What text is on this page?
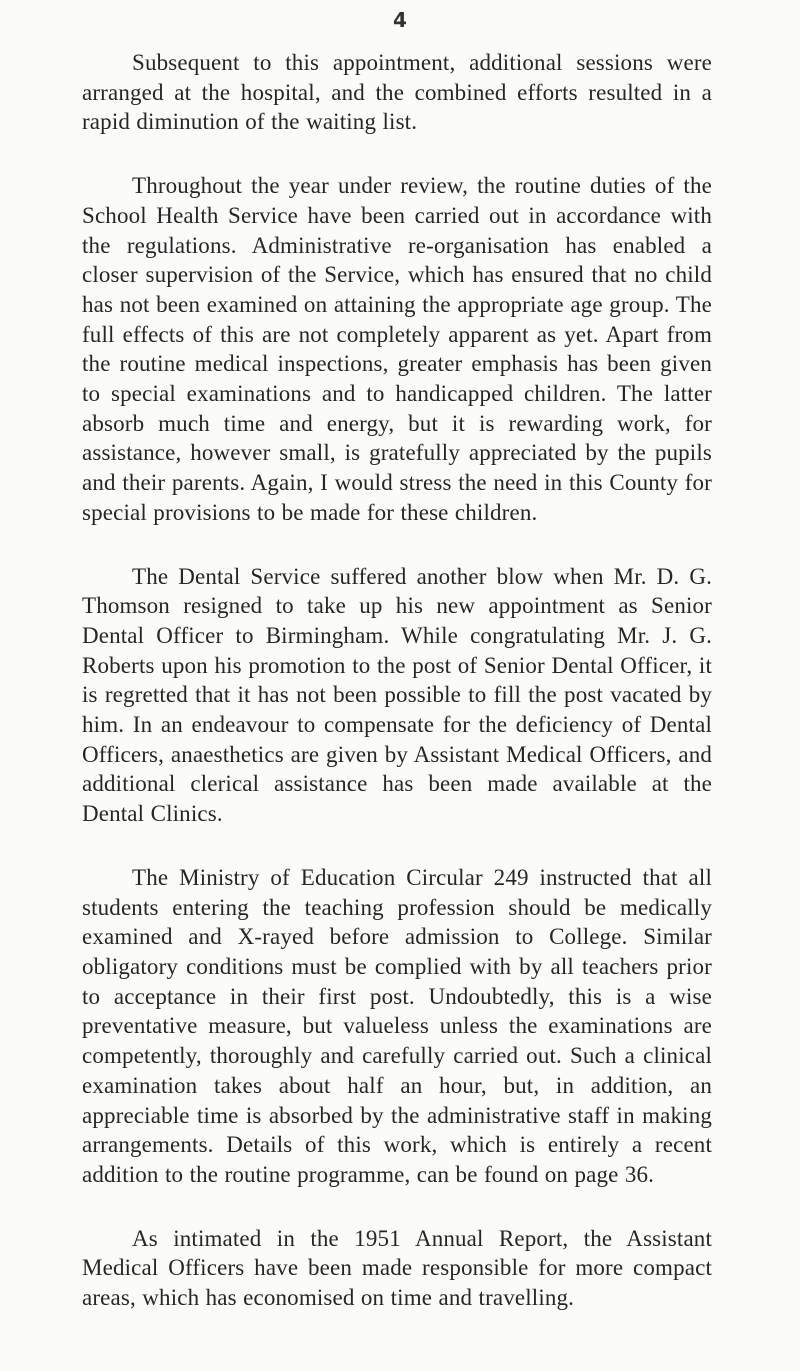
4

Subsequent to this appointment, additional sessions were arranged at the hospital, and the combined efforts resulted in a rapid diminution of the waiting list.

Throughout the year under review, the routine duties of the School Health Service have been carried out in accordance with the regulations. Administrative re-organisation has enabled a closer supervision of the Service, which has ensured that no child has not been examined on attaining the appropriate age group. The full effects of this are not completely apparent as yet. Apart from the routine medical inspections, greater emphasis has been given to special examinations and to handicapped children. The latter absorb much time and energy, but it is rewarding work, for assistance, however small, is gratefully appreciated by the pupils and their parents. Again, I would stress the need in this County for special provisions to be made for these children.

The Dental Service suffered another blow when Mr. D. G. Thomson resigned to take up his new appointment as Senior Dental Officer to Birmingham. While congratulating Mr. J. G. Roberts upon his promotion to the post of Senior Dental Officer, it is regretted that it has not been possible to fill the post vacated by him. In an endeavour to compensate for the deficiency of Dental Officers, anaesthetics are given by Assistant Medical Officers, and additional clerical assistance has been made available at the Dental Clinics.

The Ministry of Education Circular 249 instructed that all students entering the teaching profession should be medically examined and X-rayed before admission to College. Similar obligatory conditions must be complied with by all teachers prior to acceptance in their first post. Undoubtedly, this is a wise preventative measure, but valueless unless the examinations are competently, thoroughly and carefully carried out. Such a clinical examination takes about half an hour, but, in addition, an appreciable time is absorbed by the administrative staff in making arrangements. Details of this work, which is entirely a recent addition to the routine programme, can be found on page 36.

As intimated in the 1951 Annual Report, the Assistant Medical Officers have been made responsible for more compact areas, which has economised on time and travelling.
